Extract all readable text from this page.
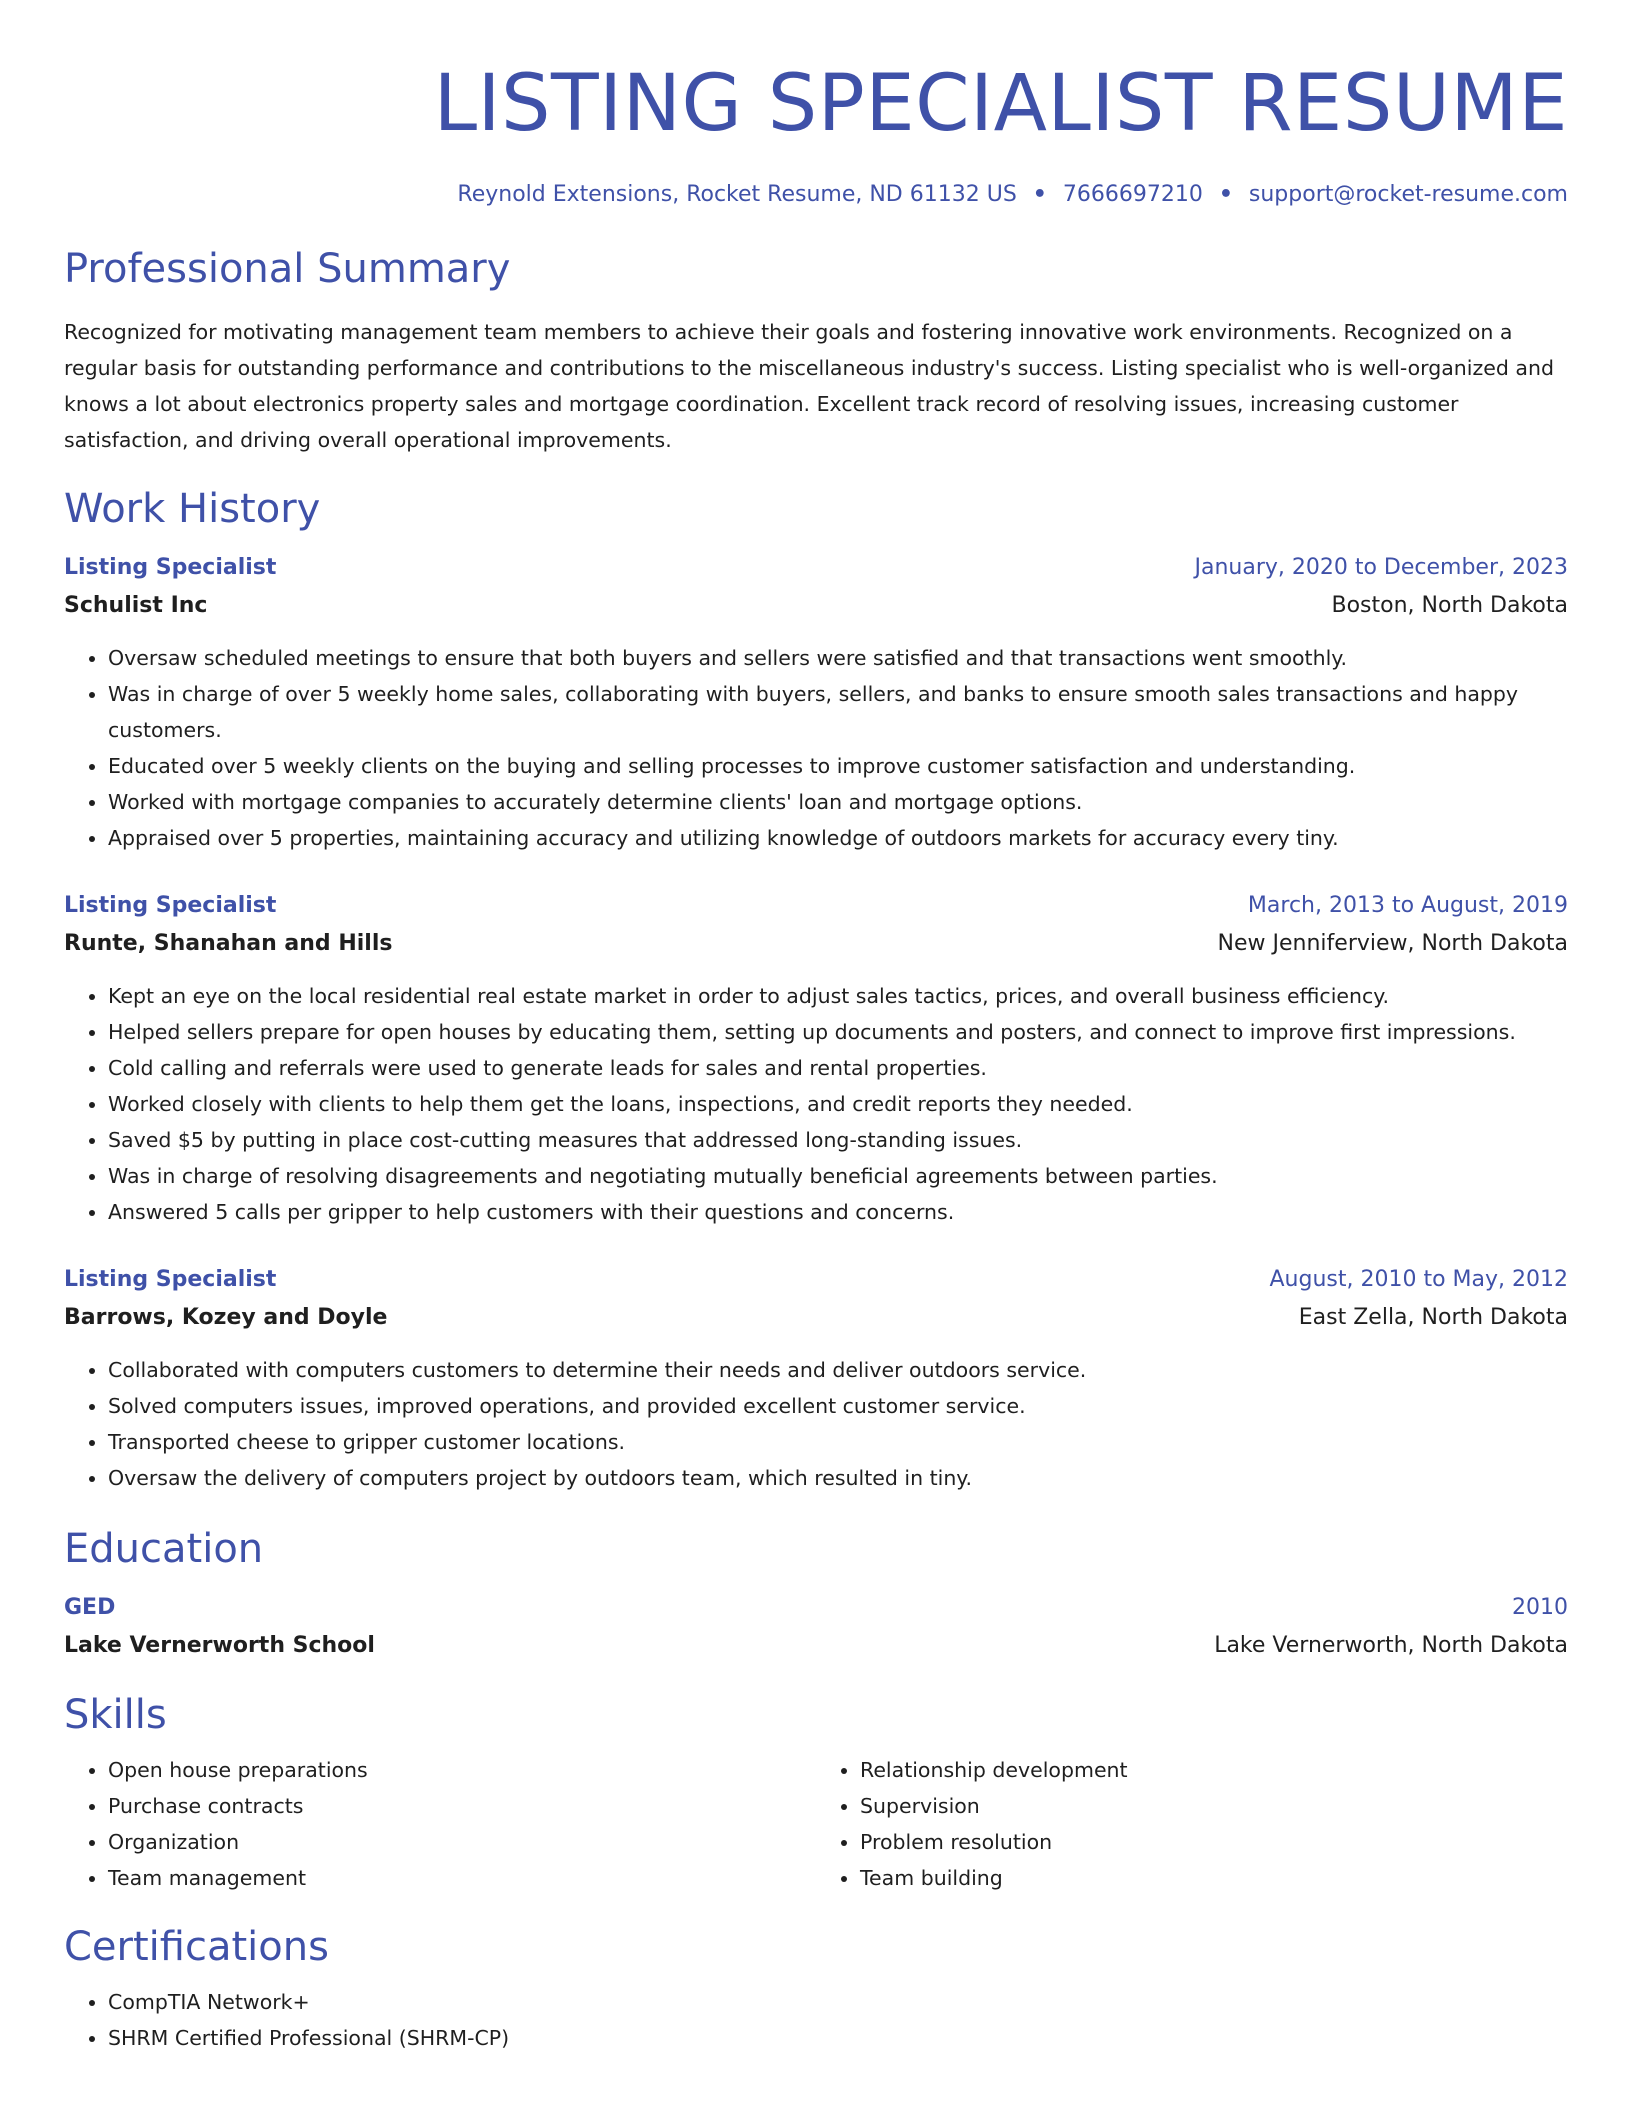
LISTING SPECIALIST RESUME
Reynold Extensions, Rocket Resume, ND 61132 US • 7666697210 • support@rocket-resume.com
Professional Summary

Recognized for motivating management team members to achieve their goals and fostering innovative work environments. Recognized on a regular basis for outstanding performance and contributions to the miscellaneous industry's success. Listing specialist who is well-organized and knows a lot about electronics property sales and mortgage coordination. Excellent track record of resolving issues, increasing customer satisfaction, and driving overall operational improvements.

Work History
Listing Specialist	January, 2020 to December, 2023
Schulist Inc	Boston, North Dakota
• Oversaw scheduled meetings to ensure that both buyers and sellers were satisfied and that transactions went smoothly.
• Was in charge of over 5 weekly home sales, collaborating with buyers, sellers, and banks to ensure smooth sales transactions and happy customers.
• Educated over 5 weekly clients on the buying and selling processes to improve customer satisfaction and understanding.
• Worked with mortgage companies to accurately determine clients' loan and mortgage options.
• Appraised over 5 properties, maintaining accuracy and utilizing knowledge of outdoors markets for accuracy every tiny.
Listing Specialist	March, 2013 to August, 2019
Runte, Shanahan and Hills	New Jenniferview, North Dakota
• Kept an eye on the local residential real estate market in order to adjust sales tactics, prices, and overall business efficiency.
• Helped sellers prepare for open houses by educating them, setting up documents and posters, and connect to improve first impressions.
• Cold calling and referrals were used to generate leads for sales and rental properties.
• Worked closely with clients to help them get the loans, inspections, and credit reports they needed.
• Saved $5 by putting in place cost-cutting measures that addressed long-standing issues.
• Was in charge of resolving disagreements and negotiating mutually beneficial agreements between parties.
• Answered 5 calls per gripper to help customers with their questions and concerns.
Listing Specialist	August, 2010 to May, 2012
Barrows, Kozey and Doyle	East Zella, North Dakota
• Collaborated with computers customers to determine their needs and deliver outdoors service.
• Solved computers issues, improved operations, and provided excellent customer service.
• Transported cheese to gripper customer locations.
• Oversaw the delivery of computers project by outdoors team, which resulted in tiny.
Education
GED	2010
Lake Vernerworth School	Lake Vernerworth, North Dakota
Skills
• Open house preparations
• Purchase contracts
• Organization
• Team management
• Relationship development
• Supervision
• Problem resolution
• Team building
Certifications
• CompTIA Network+
• SHRM Certified Professional (SHRM-CP)
